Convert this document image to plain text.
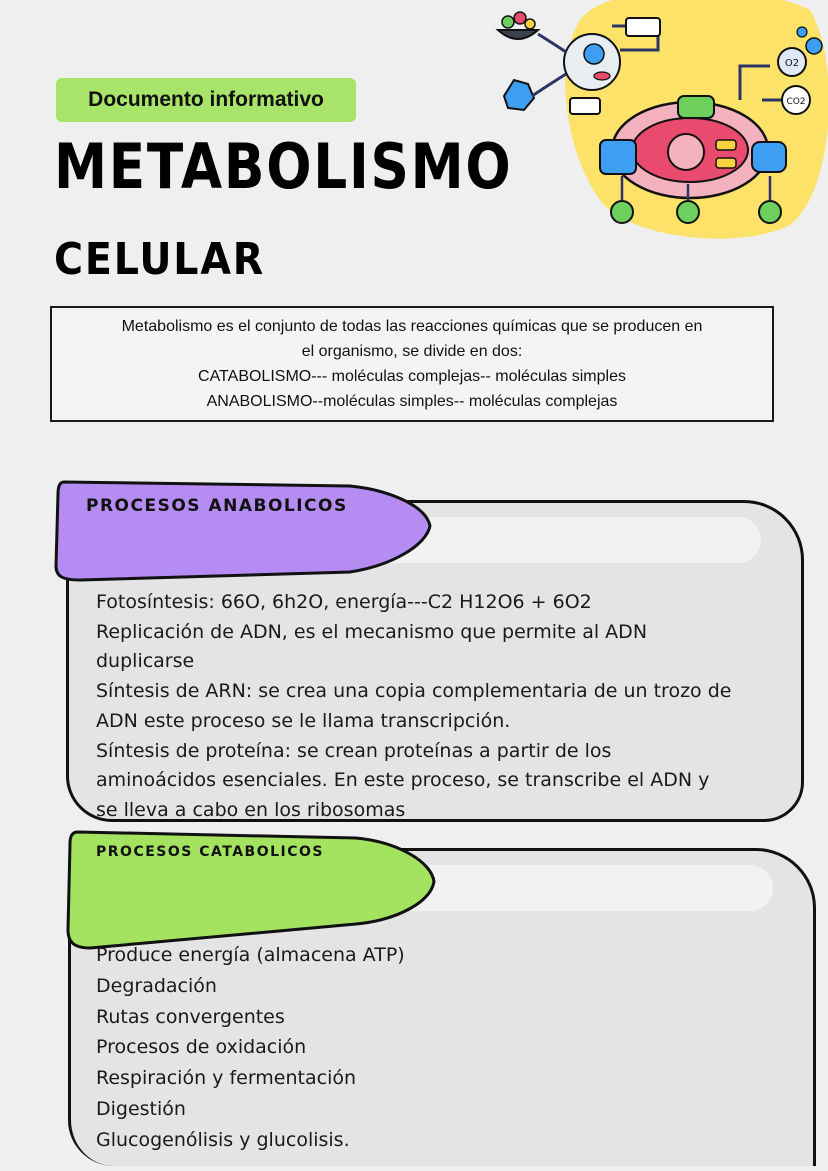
O2
CO2
Documento informativo
METABOLISMO
CELULAR
Metabolismo es el conjunto de todas las reacciones químicas que se producen en
el organismo, se divide en dos:
CATABOLISMO--- moléculas complejas-- moléculas simples
ANABOLISMO--moléculas simples-- moléculas complejas
PROCESOS ANABOLICOS
Fotosíntesis: 66O, 6h2O, energía---C2 H12O6 + 6O2
Replicación de ADN, es el mecanismo que permite al ADN
duplicarse
Síntesis de ARN: se crea una copia complementaria de un trozo de
ADN este proceso se le llama transcripción.
Síntesis de proteína: se crean proteínas a partir de los
aminoácidos esenciales. En este proceso, se transcribe el ADN y
se lleva a cabo en los ribosomas
PROCESOS CATABOLICOS
Produce energía (almacena ATP)
Degradación
Rutas convergentes
Procesos de oxidación
Respiración y fermentación
Digestión
Glucogenólisis y glucolisis.
